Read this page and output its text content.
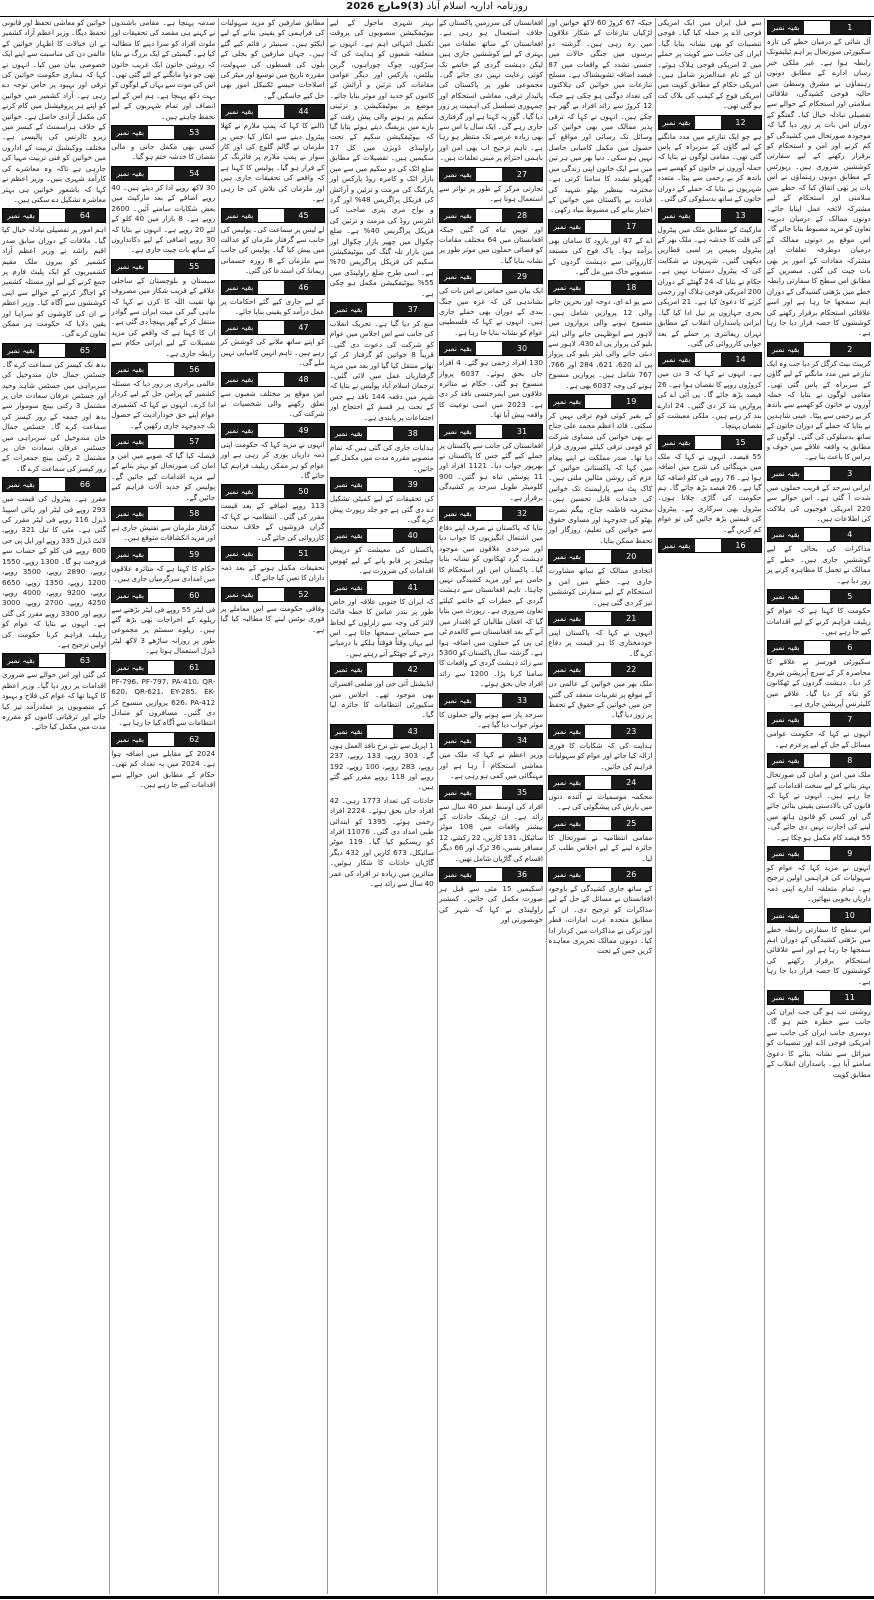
روزنامہ اداریہ اسلام آباد (3)9مارچ 2026
خواتین کو معاشی تحفظ اور قانونی تحفظ دیگا۔ وزیر اعظم آزاد کشمیر نے ان خیالات کا اظہار خواتین کے عالمی دن کی مناسبت سے اپنے ایک خصوصی بیان میں کیا۔ انہوں نے کہا کہ ہماری حکومت خواتین کی ترقی اور بہبود پر خاص توجہ دے رہی ہے۔ آزاد کشمیر میں خواتین کو اپنے ہر پروفیشنل میں کام کرنے کی مکمل آزادی حاصل ہے۔ خواتین کے خلاف ہراسمنٹ کے کیسز میں زیرو ٹالرنس کی پالیسی ہے۔ مختلف ووکیشنل تربیت کے اداروں میں خواتین کو فنی تربیت مہیا کی جارہی ہے تاکہ وہ معاشرے کی کارآمد شہری بنیں۔ وزیر اعظم نے کہا کہ باشعور خواتین ہی بہتر معاشرہ تشکیل دے سکتی ہیں۔
بقیہ نمبر	64
اہم امور پر تفصیلی تبادلہ خیال کیا گیا۔ ملاقات کے دوران سابق صدر اقیم راشد نے وزیر اعظم آزاد کشمیر کو بیرون ملک مقیم کشمیریوں کو ایک پلیٹ فارم پر جمع کرنے کے لیے اور مسئلہ کشمیر کو اجاگر کرنے کے حوالے سے اپنی کوششوں سے آگاہ کیا۔ وزیر اعظم نے ان کی کاوشوں کو سراہا اور یقین دلایا کہ حکومت ہر ممکن تعاون کرے گی۔
بقیہ نمبر	65
بدھ تک کیسز کی سماعت کرے گا۔ جسٹس جمال خان مندوخیل کی سربراہی میں جسٹس شاہد وحید اور جسٹس عرفان سعادت خان پر مشتمل 3 رکنی بینچ سوموار سے بدھ اور جمعہ کے روز کیسز کی سماعت کرے گا۔ جسٹس جمال خان مندوخیل کی سربراہی میں جسٹس عرفان سعادت خان پر مشتمل 2 رکنی بینچ جمعرات کے روز کیسز کی سماعت کرے گا۔
بقیہ نمبر	66
مقرر ہے۔ پیٹرول کی قیمت میں 293 روپے فی لیٹر اور ہائی اسپیڈ ڈیزل 116 روپے فی لیٹر مقرر کی گئی ہے۔ مٹی کا تیل 321 روپے، لائٹ ڈیزل 335 روپے اور ایل پی جی 600 روپے فی کلو کے حساب سے فروخت ہو گا۔ 1300 روپے، 1550 روپے، 2890 روپے، 3500 روپے، 1200 روپے، 1350 روپے، 6650 روپے، 9200 روپے، 4000 روپے، 4250 روپے، 2700 روپے، 3000 روپے اور 3300 روپے مقرر کی گئی ہے۔ انہوں نے بتایا کہ عوام کو ریلیف فراہم کرنا حکومت کی اولین ترجیح ہے۔
بقیہ نمبر	63
کی گئی اور اس حوالے سے ضروری اقدامات پر زور دیا گیا۔ وزیر اعظم کا کہنا تھا کہ عوام کی فلاح و بہبود کے منصوبوں پر عملدرآمد تیز کیا جائے اور ترقیاتی کاموں کو مقررہ مدت میں مکمل کیا جائے۔
صدمہ پہنچا ہے۔ مقامی باشندوں نے کہنے ہی مقصد کی تحقیقات اور ملوث افراد کو سزا دینے کا مطالبہ کیا ہے۔ گیمبٹی کے ایک بزرگ نے بتایا کہ روشن خاتون ایک غریب خاتون تھی جو دوا مانگنے کے لئے گئی تھی۔ اس کی موت سے یہاں کے لوگوں کو بہت دکھ پہنچا ہے۔ ہم اس کے لیے انصاف اور تمام شہریوں کے لیے تحفظ چاہتے ہیں۔
بقیہ نمبر	53
کسی بھی مکمل جانی و مالی نقصان کا خدشہ ختم ہو گیا۔
بقیہ نمبر	54
30 لاکھ روپے ادا کر دیئے ہیں۔ 40 روپے اضافے کے بعد مارکیٹ میں بعض شکایات سامنے آئیں۔ 2600 روپے ہے۔ 8 بازار میں 40 کلو کے لئے 20 روپے ہے۔ انہوں نے بتایا کہ 30 روپے اضافی کے لیے دکانداروں کے ساتھ بات چیت جاری ہے۔
بقیہ نمبر	55
سیستان و بلوچستان کے ساحلی علاقے کے قریب شکار میں مصروف تھا تقیب اللہ کا کزن نے کہا کہ ماہی گیر کی میت ایران سے گوادر منتقل کر کے گھر پہنچا دی گئی ہے۔ ان کا کہنا ہے کہ واقعے کی مزید تفصیلات کے لیے ایرانی حکام سے رابطہ جاری ہے۔
بقیہ نمبر	56
عالمی برادری پر زور دیا کہ مسئلہ کشمیر کے پرامن حل کے لیے کردار ادا کرے۔ انہوں نے کہا کہ کشمیری عوام اپنے حق خودارادیت کے حصول تک جدوجہد جاری رکھیں گے۔
بقیہ نمبر	57
فیصلہ کیا گیا کہ صوبے میں امن و امان کی صورتحال کو بہتر بنانے کے لیے مزید اقدامات کیے جائیں گے۔ پولیس کو جدید آلات فراہم کیے جائیں گے۔
بقیہ نمبر	58
گرفتار ملزمان سے تفتیش جاری ہے اور مزید انکشافات متوقع ہیں۔
بقیہ نمبر	59
حکام کا کہنا ہے کہ متاثرہ علاقوں میں امدادی سرگرمیاں جاری ہیں۔
بقیہ نمبر	60
فی لیٹر 55 روپے فی لیٹر بڑھنے سے ریلوے کے اخراجات بھی بڑھ گئے ہیں۔ ریلوے سسٹم پر مجموعی طور پر روزانہ ساڑھے 3 لاکھ لیٹر ڈیزل استعمال ہوتا ہے۔
بقیہ نمبر	61
PF-796، PF-797، PA-410، QR-620، QR-621، EY-285، EK-626، PA-412 پروازیں منسوخ کر دی گئیں۔ مسافروں کو متبادل انتظامات سے آگاہ کیا جا رہا ہے۔
بقیہ نمبر	62
2024 کے مقابلے میں اضافہ ہوا ہے۔ 2024 میں یہ تعداد کم تھی۔ حکام کے مطابق اس حوالے سے اقدامات کیے جا رہے ہیں۔
مطابق صارفین کو مزید سہولیات کی فراہمی کو یقینی بنانے کے لیے ایکٹو ہیں۔ سینیٹر ز قائم کیے گئے ہیں۔ جہاں صارفین کو بجلی کے بلوں کی قسطوں کی سہولت، مقررہ تاریخ میں توسیع اور میٹر کی اصلاحات جیسے ٹکنیکل امور بھی حل کیے جاسکیں گے۔
بقیہ نمبر	44
ڈالنے کا کہا کہ پمپ ملازم نے کھلا پیٹرول دینے سے انکار کیا جس پر ملزمان نے گالم گلوچ کی اور کار سوار نے پمپ ملازم پر فائرنگ کر کے فرار ہو گیا۔ پولیس کا کہنا ہے کہ واقعے کی تحقیقات جاری ہیں اور ملزمان کی تلاش کی جا رہی ہے۔
بقیہ نمبر	45
لے لیس پر سماعت کی۔ پولیس کی جانب سے گرفتار ملزمان کو عدالت میں پیش کیا گیا۔ پولیس کی جانب سے ملزمان کے 8 روزہ جسمانی ریمانڈ کی استدعا کی گئی۔
بقیہ نمبر	46
کے لیے جاری کیے گئے احکامات پر عمل درآمد کو یقینی بنایا جائے۔
بقیہ نمبر	47
کو اپنے ساتھ ملانے کی کوشش کر رہے ہیں۔ تاہم انہیں کامیابی نہیں ملے گی۔
بقیہ نمبر	48
اس موقع پر مختلف شعبوں سے تعلق رکھنے والی شخصیات نے شرکت کی۔
بقیہ نمبر	49
انہوں نے مزید کہا کہ حکومت اپنی ذمہ داریاں پوری کر رہی ہے اور عوام کو ہر ممکن ریلیف فراہم کیا جائے گا۔
بقیہ نمبر	50
113 روپے اضافے کے بعد قیمت مقرر کی گئی۔ انتظامیہ نے کہا کہ گراں فروشوں کے خلاف سخت کارروائی کی جائے گی۔
بقیہ نمبر	51
تحقیقات مکمل ہونے کے بعد ذمہ داران کا تعین کیا جائے گا۔
بقیہ نمبر	52
وفاقی حکومت سے اس معاملے پر فوری نوٹس لینے کا مطالبہ کیا گیا ہے۔
بہتر شہری ماحول کے لیے بیوٹیفکیشن منصوبوں کی بروقت تکمیل انتہائی اہم ہے۔ انہوں نے متعلقہ شعبوں کو ہدایت کی کہ سڑکوں، چوک چوراہوں، گرین بیلٹس، پارکس اور دیگر عوامی مقامات کی تزئین و آرائش کے کاموں کو جدید اور موثر بنایا جائے۔ موضع پر بیوٹیفکیشن و تزئینی سکیم پر ہونے والی پیش رفت کے بارے میں بریفنگ دیتے ہوئے بتایا گیا کہ بیوٹیفکیشن سکیم کے تحت راولپنڈی ڈویژن میں کل 17 سکیمیں ہیں۔ تفصیلات کے مطابق ضلع اٹک کی دو سکیم میں سے مین بازار اٹک و کامرہ روڈ پارکس اور پارکنگ کی مرمت و تزئین و آرائش کی فزیکل پراگریس 48% اور گرد و نواح مری پتری صاحب کی انٹرنس روڈ کی مرمت و تزئین کی فزیکل پراگریس 40% ہے۔ ضلع چکوال میں چھپر بازار چکوال اور مین بازار تلہ گنگ کی بیوٹیفکیشن سکیم کی فزیکل پراگریس 70% ہے۔ اسی طرح ضلع راولپنڈی میں 55% بیوٹیفکیشن مکمل ہو چکی ہے۔
بقیہ نمبر	37
منع کر دیا گیا ہے۔ تحریک انقلاب کی جانب سے اس اجلاس میں عوام کو شرکت کی دعوت دی گئی۔ قریباً 8 خواتین کو گرفتار کر کے تھانے منتقل کیا گیا اور بعد میں مزید گرفتاریاں عمل میں لائی گئیں۔ ترجمان اسلام آباد پولیس نے بتایا کہ شہر میں دفعہ 144 نافذ ہے جس کے تحت ہر قسم کے احتجاج اور اجتماعات پر پابندی ہے۔
بقیہ نمبر	38
ہدایات جاری کی گئی ہیں کہ تمام منصوبے مقررہ مدت میں مکمل کیے جائیں۔
بقیہ نمبر	39
کی تحقیقات کے لیے کمیٹی تشکیل دے دی گئی ہے جو جلد رپورٹ پیش کرے گی۔
بقیہ نمبر	40
پاکستان کی معیشت کو درپیش چیلنجز پر قابو پانے کے لیے ٹھوس اقدامات کی ضرورت ہے۔
بقیہ نمبر	41
کہ ایران کا جنوبی علاقہ اور خاص طور پر بندر عباس کا خطہ فالٹ لائنز کی وجہ سے زلزلوں کے لحاظ سے حساس سمجھا جاتا ہے۔ اس لیے یہاں وقتاً فوقتاً ہلکے یا درمیانے درجے کے جھٹکے آتے رہتے ہیں۔
بقیہ نمبر	42
ایڈیشنل آئی جی اور ضلعی افسران بھی موجود تھے۔ اجلاس میں سکیورٹی انتظامات کا جائزہ لیا گیا۔
بقیہ نمبر	43
1 اپریل سے نئے نرخ نافذ العمل ہوں گے۔ 303 روپے، 133 روپے، 237 روپے، 283 روپے، 100 روپے، 192 روپے اور 118 روپے مقرر کیے گئے ہیں۔
حادثات کی تعداد 1773 رہی۔ 42 افراد جاں بحق ہوئے۔ 2224 افراد زخمی ہوئے۔ 1395 کو ابتدائی طبی امداد دی گئی۔ 11076 افراد کو ریسکیو کیا گیا۔ 119 موٹر سائیکل، 673 کاریں اور 432 دیگر گاڑیاں حادثات کا شکار ہوئیں۔ متاثرین میں زیادہ تر افراد کی عمر 40 سال سے زائد ہے۔
افغانستان کی سرزمین پاکستان کے خلاف استعمال ہو رہی ہے۔ افغانستان کے ساتھ تعلقات میں بہتری کے لیے کوششیں جاری ہیں لیکن دہشت گردی کے خاتمے تک کوئی رعایت نہیں دی جائے گی۔ مجموعی طور پر پاکستان کی پائیدار ترقی، معاشی استحکام اور جمہوری تسلسل کی اہمیت پر زور دیا گیا۔ گور یہ کہنا ہے اور گرفتاری جاری رہے گی۔ ایک سال یا اس سے بھی زیادہ عرصے تک منتظر ہو رہا ہے۔ تاہم ترجیح اب بھی امن اور باہمی احترام پر مبنی تعلقات ہیں۔
بقیہ نمبر	27
تجارتی مرکز کے طور پر تواتر سے استعمال ہوتا ہے۔
بقیہ نمبر	28
اور توپیں تباہ کی گئیں جبکہ افغانستان میں 64 مختلف مقامات کو فضائی حملوں میں موثر طور پر نشانہ بنایا گیا۔
بقیہ نمبر	29
ایک بیان میں حماس نے اس بات کی نشاندہی کی کہ غزہ میں جنگ بندی کے دوران بھی حملے جاری ہیں۔ انہوں نے کہا کہ فلسطینی عوام کو نشانہ بنایا جا رہا ہے۔
بقیہ نمبر	30
130 افراد زخمی ہو گئے۔ 4 افراد جاں بحق ہوئے۔ 6037 پرواز منسوخ ہو گئی۔ حکام نے متاثرہ علاقوں میں ایمرجنسی نافذ کر دی ہے۔ 2023 میں اسی نوعیت کا واقعہ پیش آیا تھا۔
بقیہ نمبر	31
افغانستان کی جانب سے پاکستان پر حملے کیے گئے جس کا پاکستان نے بھرپور جواب دیا۔ 1121 افراد اور 11 پوسٹیں تباہ ہو گئیں۔ 900 کلومیٹر طویل سرحد پر کشیدگی برقرار ہے۔
بقیہ نمبر	32
بتایا کہ پاکستان نے صرف اپنے دفاع میں اشتعال انگیزیوں کا جواب دیا اور سرحدی علاقوں میں موجود دہشت گرد ٹھکانوں کو نشانہ بنایا گیا۔ پاکستان امن اور استحکام کا حامی ہے اور مزید کشیدگی نہیں چاہتا۔ تاہم افغانستان سے دہشت گردی کے خطرات کے خاتمے کیلئے تعاون ضروری ہے۔ رپورٹ میں بتایا گیا کہ افغان طالبان کے اقتدار میں آنے کے بعد افغانستان سے کالعدم ٹی ٹی پی کے حملوں میں اضافہ ہوا ہے۔ گزشتہ سال پاکستان کو 5300 سے زائد دہشت گردی کے واقعات کا سامنا کرنا پڑا۔ 1200 سے زائد افراد جاں بحق ہوئے۔
بقیہ نمبر	33
سرحد پار سے ہونے والے حملوں کا موثر جواب دیا گیا ہے۔
بقیہ نمبر	34
وزیر اعظم نے کہا کہ ملک میں معاشی استحکام آ رہا ہے اور مہنگائی میں کمی ہو رہی ہے۔
بقیہ نمبر	35
افراد کی اوسط عمر 40 سال سے زائد ہے۔ ان ٹریفک حادثات کے بیشتر واقعات میں 108 موٹر سائیکل، 131 کاریں، 22 رکشے، 12 مسافر بسیں، 36 ٹرک اور 66 دیگر اقسام کی گاڑیاں شامل تھیں۔
بقیہ نمبر	36
اسکیمیں 15 مئی سے قبل ہر صورت مکمل کی جائیں۔ کمشنر راولپنڈی نے کہا کہ شہر کی خوبصورتی اور
جبکہ 67 کروڑ 60 لاکھ خواتین اور لڑکیاں تنازعات کے شکار علاقوں میں رہ رہی ہیں۔ گزشتہ دو برسوں میں جنگی حالات میں جنسی تشدد کے واقعات میں 87 فیصد اضافہ تشویشناک ہے۔ مسلح تنازعات میں خواتین کی ہلاکتوں کی تعداد دوگنی ہو چکی ہے جبکہ 12 کروڑ سے زائد افراد بے گھر ہو چکے ہیں۔ انہوں نے کہا کہ ترقی پذیر ممالک میں بھی خواتین کی وسائل تک رسائی اور مواقع کے حصول میں مکمل کامیابی حاصل نہیں ہو سکی۔ دنیا بھر میں ہر تین میں سے ایک خاتون اپنی زندگی میں گھریلو تشدد کا سامنا کرتی ہے۔ محترمہ بینظیر بھٹو شہید کی قیادت نے پاکستان میں خواتین کے اختیار بنانے کی مضبوط بنیاد رکھی۔
بقیہ نمبر	17
اے کے 47 اور بارود کا سامان بھی برآمد ہوا۔ پاک فوج کی مستعد کارروائی سے دہشت گردوں کے منصوبے خاک میں مل گئے۔
بقیہ نمبر	18
سے یو اے ای، دوحہ اور بحرین جانے والی 12 پروازیں شامل ہیں۔ منسوخ ہونے والی پروازوں میں لاہور سے ابوظہبی جانے والی ایئر بلیو کی پرواز پی اے 430، لاہور سے دبئی جانے والی ایئر بلیو کی پرواز پی اے 620، 621، 284 اور 766، 767 شامل ہیں۔ پروازیں منسوخ ہونے کی وجہ 6037 بھی ہے۔
بقیہ نمبر	19
کے بغیر کوئی قوم ترقی نہیں کر سکتی۔ قائد اعظم محمد علی جناح نے بھی خواتین کی مساوی شرکت کو قومی ترقی کیلئے ضروری قرار دیا تھا۔ صدر مملکت نے اپنے پیغام میں کہا کہ پاکستانی خواتین کے عزم کی روشن مثالیں ملتی ہیں۔ کاک پٹ سے پارلیمنٹ تک خواتین کی خدمات قابل تحسین ہیں۔ محترمہ فاطمہ جناح، بیگم نصرت بھٹو کی جدوجہد اور مساوی حقوق سے خواتین کی تعلیم، روزگار اور تحفظ ممکن بنایا۔
بقیہ نمبر	20
اتحادی ممالک کے ساتھ مشاورت جاری ہے۔ خطے میں امن و استحکام کے لیے سفارتی کوششیں تیز کر دی گئی ہیں۔
بقیہ نمبر	21
انہوں نے کہا کہ پاکستان اپنی خودمختاری کا ہر قیمت پر دفاع کرے گا۔
بقیہ نمبر	22
ملک بھر میں خواتین کے عالمی دن کے موقع پر تقریبات منعقد کی گئیں جن میں خواتین کے حقوق کے تحفظ پر زور دیا گیا۔
بقیہ نمبر	23
ہدایت کی کہ شکایات کا فوری ازالہ کیا جائے اور عوام کو سہولیات فراہم کی جائیں۔
بقیہ نمبر	24
محکمہ موسمیات نے آئندہ دنوں میں بارش کی پیشگوئی کی ہے۔
بقیہ نمبر	25
مقامی انتظامیہ نے صورتحال کا جائزہ لینے کے لیے اجلاس طلب کر لیا۔
بقیہ نمبر	26
کے ساتھ جاری کشیدگی کے باوجود افغانستان نے مسائل کے حل کے لیے مذاکرات کو ترجیح دی۔ ان کے مطابق متحدہ عرب امارات، قطر اور ترکی نے مذاکرات میں کردار ادا کیا۔ دونوں ممالک تحریری معاہدہ کریں جس کے تحت
سے قبل ایران میں ایک امریکی فوجی اڈے پر حملہ کیا گیا۔ فوجی تنصیبات کو بھی نشانہ بنایا گیا۔ ایران کی جانب سے کویت پر حملے میں 2 امریکی فوجی ہلاک ہوئے۔ ان کے نام عبدالعزیز شامل ہیں۔ امریکی حکام کے مطابق کویت میں امریکی فوج کے کیمپ کی بلاک کت ہو گئی تھی۔
بقیہ نمبر	12
ہے جو ایک تنازعے میں مدد مانگنے کے لیے گاؤں کے سربراہ کے پاس گئی تھی۔ مقامی لوگوں نے بتایا کہ حملہ آوروں نے خاتون کو کھمبے سے باندھ کر بے رحمی سے پیٹا۔ متعدد شہریوں نے بتایا کہ حملے کے دوران خاتون کے ساتھ بدسلوکی کی گئی۔
بقیہ نمبر	13
مارکیٹ کے مطابق ملک میں پیٹرول کی قلت کا خدشہ ہے۔ ملک بھر کے پیٹرول پمپس پر لمبی قطاریں دیکھی گئیں۔ شہریوں نے شکایت کی کہ پیٹرول دستیاب نہیں ہے۔ حکام نے بتایا کہ 24 گھنٹے کے دوران 200 امریکی فوجی ہلاک اور زخمی کرنے کا دعویٰ کیا ہے۔ 21 امریکی بحری جہازوں پر نیل ادا کیا گیا۔ ایرانی پاسداران انقلاب کے مطابق تہران ریفائنری پر حملے کے بعد جوابی کارروائی کی گئی۔
بقیہ نمبر	14
ہے۔ انہوں نے کہا کہ 3 دن میں کروڑوں روپے کا نقصان ہوا ہے۔ 26 فیصد بڑھ جائے گا۔ پی آئی اے کی پروازیں بند کر دی گئیں۔ 24 ادارے بند کر رہے ہیں۔ ملکی معیشت کو نقصان پہنچا۔
بقیہ نمبر	15
55 فیصد۔ انہوں نے کہا کہ ملک میں مہنگائی کی شرح میں اضافہ ہوا ہے۔ 76 روپے فی کلو اضافہ کیا گیا ہے۔ 26 فیصد بڑھ جائے گا۔ ہم حکومت کی گاڑی چلاتا ہوں۔ بیٹرول بھی سرکاری ہے۔ پیٹرول کی قیمتیں بڑھ جائیں گی تو عوام کم کریں گے۔
بقیہ نمبر	16
بقیہ نمبر	1
آل شائی کے درمیان خطے کی تازہ سکیورٹی صورتحال پر اہم ٹیلیفونک رابطہ ہوا ہے۔ غیر ملکی خبر رساں ادارے کے مطابق دونوں رہنماؤں نے مشرق وسطیٰ میں حالیہ فوجی کشیدگی، علاقائی سلامتی اور استحکام کے حوالے سے تفصیلی تبادلہ خیال کیا۔ گفتگو کے دوران اس بات پر زور دیا گیا کہ موجودہ صورتحال میں کشیدگی کو کم کرنے اور امن و استحکام کو برقرار رکھنے کے لیے سفارتی کوششیں ضروری ہیں۔ رپورٹس کے مطابق دونوں رہنماؤں نے اس بات پر بھی اتفاق کیا کہ خطے میں سلامتی اور استحکام کے لیے مشترکہ لائحہ عمل اپنایا جائے۔ دونوں ممالک کے درمیان دیرینہ تعاون کو مزید مضبوط بنایا جائے گا۔ اس موقع پر دونوں ممالک کے درمیان دوطرفہ تعلقات اور مشترکہ مفادات کے امور پر بھی بات چیت کی گئی۔ مبصرین کے مطابق اس سطح کا سفارتی رابطہ خطے میں بڑھتی کشیدگی کے دوران اہم سمجھا جا رہا ہے اور اسے علاقائی استحکام برقرار رکھنے کی کوششوں کا حصہ قرار دیا جا رہا ہے۔
بقیہ نمبر	2
کریبٹ بیٹ کرگل کر دیا جب وہ ایک تنازعے میں مدد مانگنے کے لیے گاؤں کے سربراہ کے پاس گئی تھی۔ مقامی لوگوں نے بتایا کہ حملہ آوروں نے خاتون کو کھمبے سے باندھ کر بے رحمی سے پیٹا۔ عینی شاہدین نے بتایا کہ حملے کے دوران خاتون کے ساتھ بدسلوکی کی گئی۔ لوگوں کے مطابق یہ واقعہ علاقے میں خوف و ہراس کا باعث بنا ہے۔
بقیہ نمبر	3
ایرانی سرحد کے قریب حملوں میں شدت آ گئی ہے۔ اس حوالے سے 220 امریکی فوجیوں کی ہلاکت کی اطلاعات ہیں۔
بقیہ نمبر	4
مذاکرات کی بحالی کے لیے کوششیں جاری ہیں۔ خطے کے ممالک نے تحمل کا مظاہرہ کرنے پر زور دیا ہے۔
بقیہ نمبر	5
حکومت کا کہنا ہے کہ عوام کو ریلیف فراہم کرنے کے لیے اقدامات کیے جا رہے ہیں۔
بقیہ نمبر	6
سکیورٹی فورسز نے علاقے کا محاصرہ کر کے سرچ آپریشن شروع کر دیا۔ دہشت گردوں کے ٹھکانوں کو تباہ کر دیا گیا۔ علاقے میں کلیئرنس آپریشن جاری ہے۔
بقیہ نمبر	7
انہوں نے کہا کہ حکومت عوامی مسائل کے حل کے لیے پرعزم ہے۔
بقیہ نمبر	8
ملک میں امن و امان کی صورتحال بہتر بنانے کے لیے سخت اقدامات کیے جا رہے ہیں۔ انہوں نے کہا کہ قانون کی بالادستی یقینی بنائی جائے گی اور کسی کو قانون ہاتھ میں لینے کی اجازت نہیں دی جائے گی۔ 55 فیصد کام مکمل ہو چکا ہے۔
بقیہ نمبر	9
انہوں نے مزید کہا کہ عوام کو سہولیات کی فراہمی اولین ترجیح ہے۔ تمام متعلقہ ادارے اپنی ذمہ داریاں بخوبی نبھائیں۔
بقیہ نمبر	10
اس سطح کا سفارتی رابطہ خطے میں بڑھتی کشیدگی کے دوران اہم سمجھا جا رہا ہے اور اسے علاقائی استحکام برقرار رکھنے کی کوششوں کا حصہ قرار دیا جا رہا ہے۔
بقیہ نمبر	11
روشنی تب ہو گی جب ایران کی جانب سے خطرہ ختم ہو گا۔ دوسری جانب ایران کی جانب سے امریکی فوجی اڈے اور تنصیبات کو میزائل سے نشانہ بنانے کا دعویٰ سامنے آیا ہے۔ پاسداران انقلاب کے مطابق کویت
